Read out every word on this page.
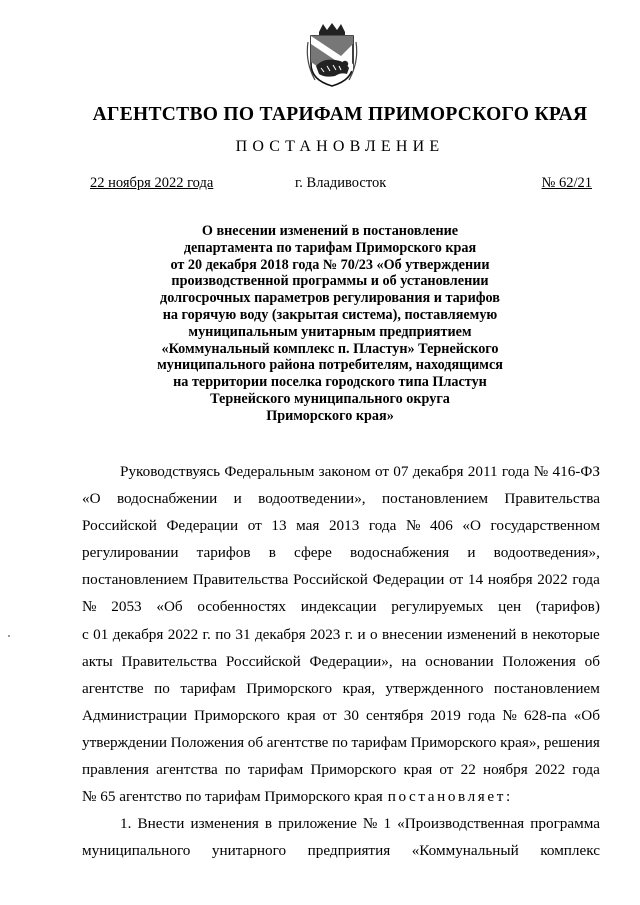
АГЕНТСТВО ПО ТАРИФАМ ПРИМОРСКОГО КРАЯ
ПОСТАНОВЛЕНИЕ
22 ноября 2022 года	г. Владивосток	№ 62/21
О внесении изменений в постановление
департамента по тарифам Приморского края
от 20 декабря 2018 года № 70/23 «Об утверждении
производственной программы и об установлении
долгосрочных параметров регулирования и тарифов
на горячую воду (закрытая система), поставляемую
муниципальным унитарным предприятием
«Коммунальный комплекс п. Пластун» Тернейского
муниципального района потребителям, находящимся
на территории поселка городского типа Пластун
Тернейского муниципального округа
Приморского края»
Руководствуясь Федеральным законом от 07 декабря 2011 года № 416-ФЗ
«О водоснабжении и водоотведении», постановлением Правительства
Российской Федерации от 13 мая 2013 года № 406 «О государственном
регулировании тарифов в сфере водоснабжения и водоотведения»,
постановлением Правительства Российской Федерации от 14 ноября 2022 года
№ 2053 «Об особенностях индексации регулируемых цен (тарифов)
с 01 декабря 2022 г. по 31 декабря 2023 г. и о внесении изменений в некоторые
акты Правительства Российской Федерации», на основании Положения об
агентстве по тарифам Приморского края, утвержденного постановлением
Администрации Приморского края от 30 сентября 2019 года № 628-па «Об
утверждении Положения об агентстве по тарифам Приморского края», решения
правления агентства по тарифам Приморского края от 22 ноября 2022 года
№ 65 агентство по тарифам Приморского края постановляет:
1. Внести изменения в приложение № 1 «Производственная программа
муниципального унитарного предприятия «Коммунальный комплекс
